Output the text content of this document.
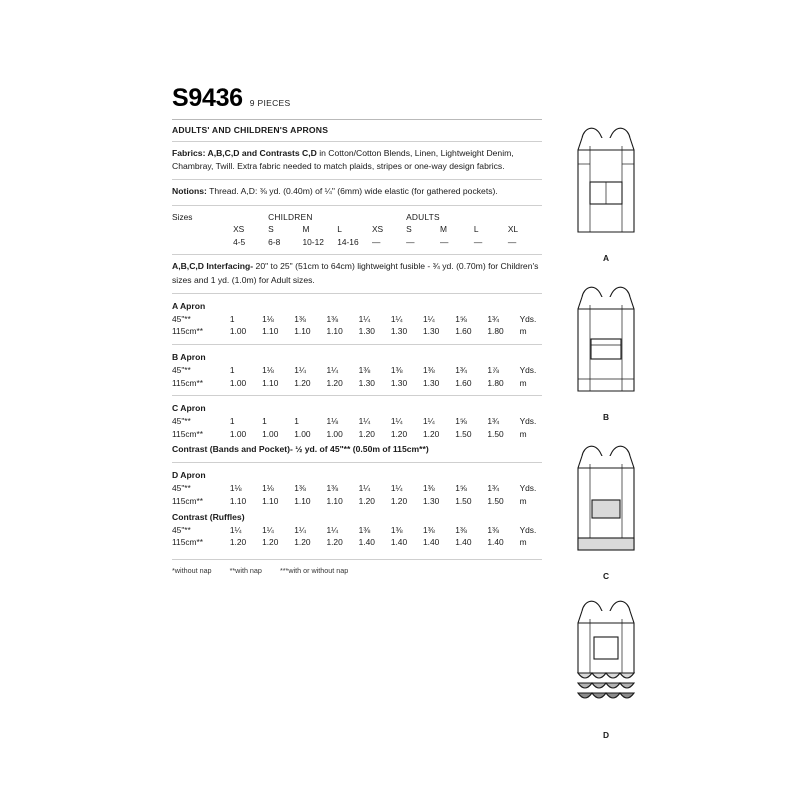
S9436 9 PIECES
ADULTS' AND CHILDREN'S APRONS

Fabrics: A,B,C,D and Contrasts C,D in Cotton/Cotton Blends, Linen, Lightweight Denim, Chambray, Twill. Extra fabric needed to match plaids, stripes or one-way design fabrics.

Notions: Thread. A,D: ⅜ yd. (0.40m) of ¼" (6mm) wide elastic (for gathered pockets).

Sizes		CHILDREN				ADULTS			
	XS	S	M	L	XS	S	M	L	XL
	4-5	6-8	10-12	14-16	—	—	—	—	—

A,B,C,D Interfacing- 20" to 25" (51cm to 64cm) lightweight fusible - ¾ yd. (0.70m) for Children's sizes and 1 yd. (1.0m) for Adult sizes.

A Apron
45"**	1	1⅛	1⅜	1⅜	1¼	1¼	1¼	1⅝	1¾	Yds.
115cm**	1.00	1.10	1.10	1.10	1.30	1.30	1.30	1.60	1.80	m
B Apron
45"**	1	1⅛	1¼	1¼	1⅜	1⅜	1⅜	1¾	1⅞	Yds.
115cm**	1.00	1.10	1.20	1.20	1.30	1.30	1.30	1.60	1.80	m
C Apron
45"**	1	1	1	1⅛	1¼	1¼	1¼	1⅝	1¾	Yds.
115cm**	1.00	1.00	1.00	1.00	1.20	1.20	1.20	1.50	1.50	m
Contrast (Bands and Pocket)- ½ yd. of 45"** (0.50m of 115cm**)
D Apron
45"**	1⅛	1⅛	1⅜	1⅜	1¼	1¼	1⅜	1⅝	1¾	Yds.
115cm**	1.10	1.10	1.10	1.10	1.20	1.20	1.30	1.50	1.50	m
Contrast (Ruffles)
45"**	1¼	1¼	1¼	1¼	1⅜	1⅜	1⅜	1⅜	1⅜	Yds.
115cm**	1.20	1.20	1.20	1.20	1.40	1.40	1.40	1.40	1.40	m
*without nap	**with nap	***with or without nap
A
B
C
D
